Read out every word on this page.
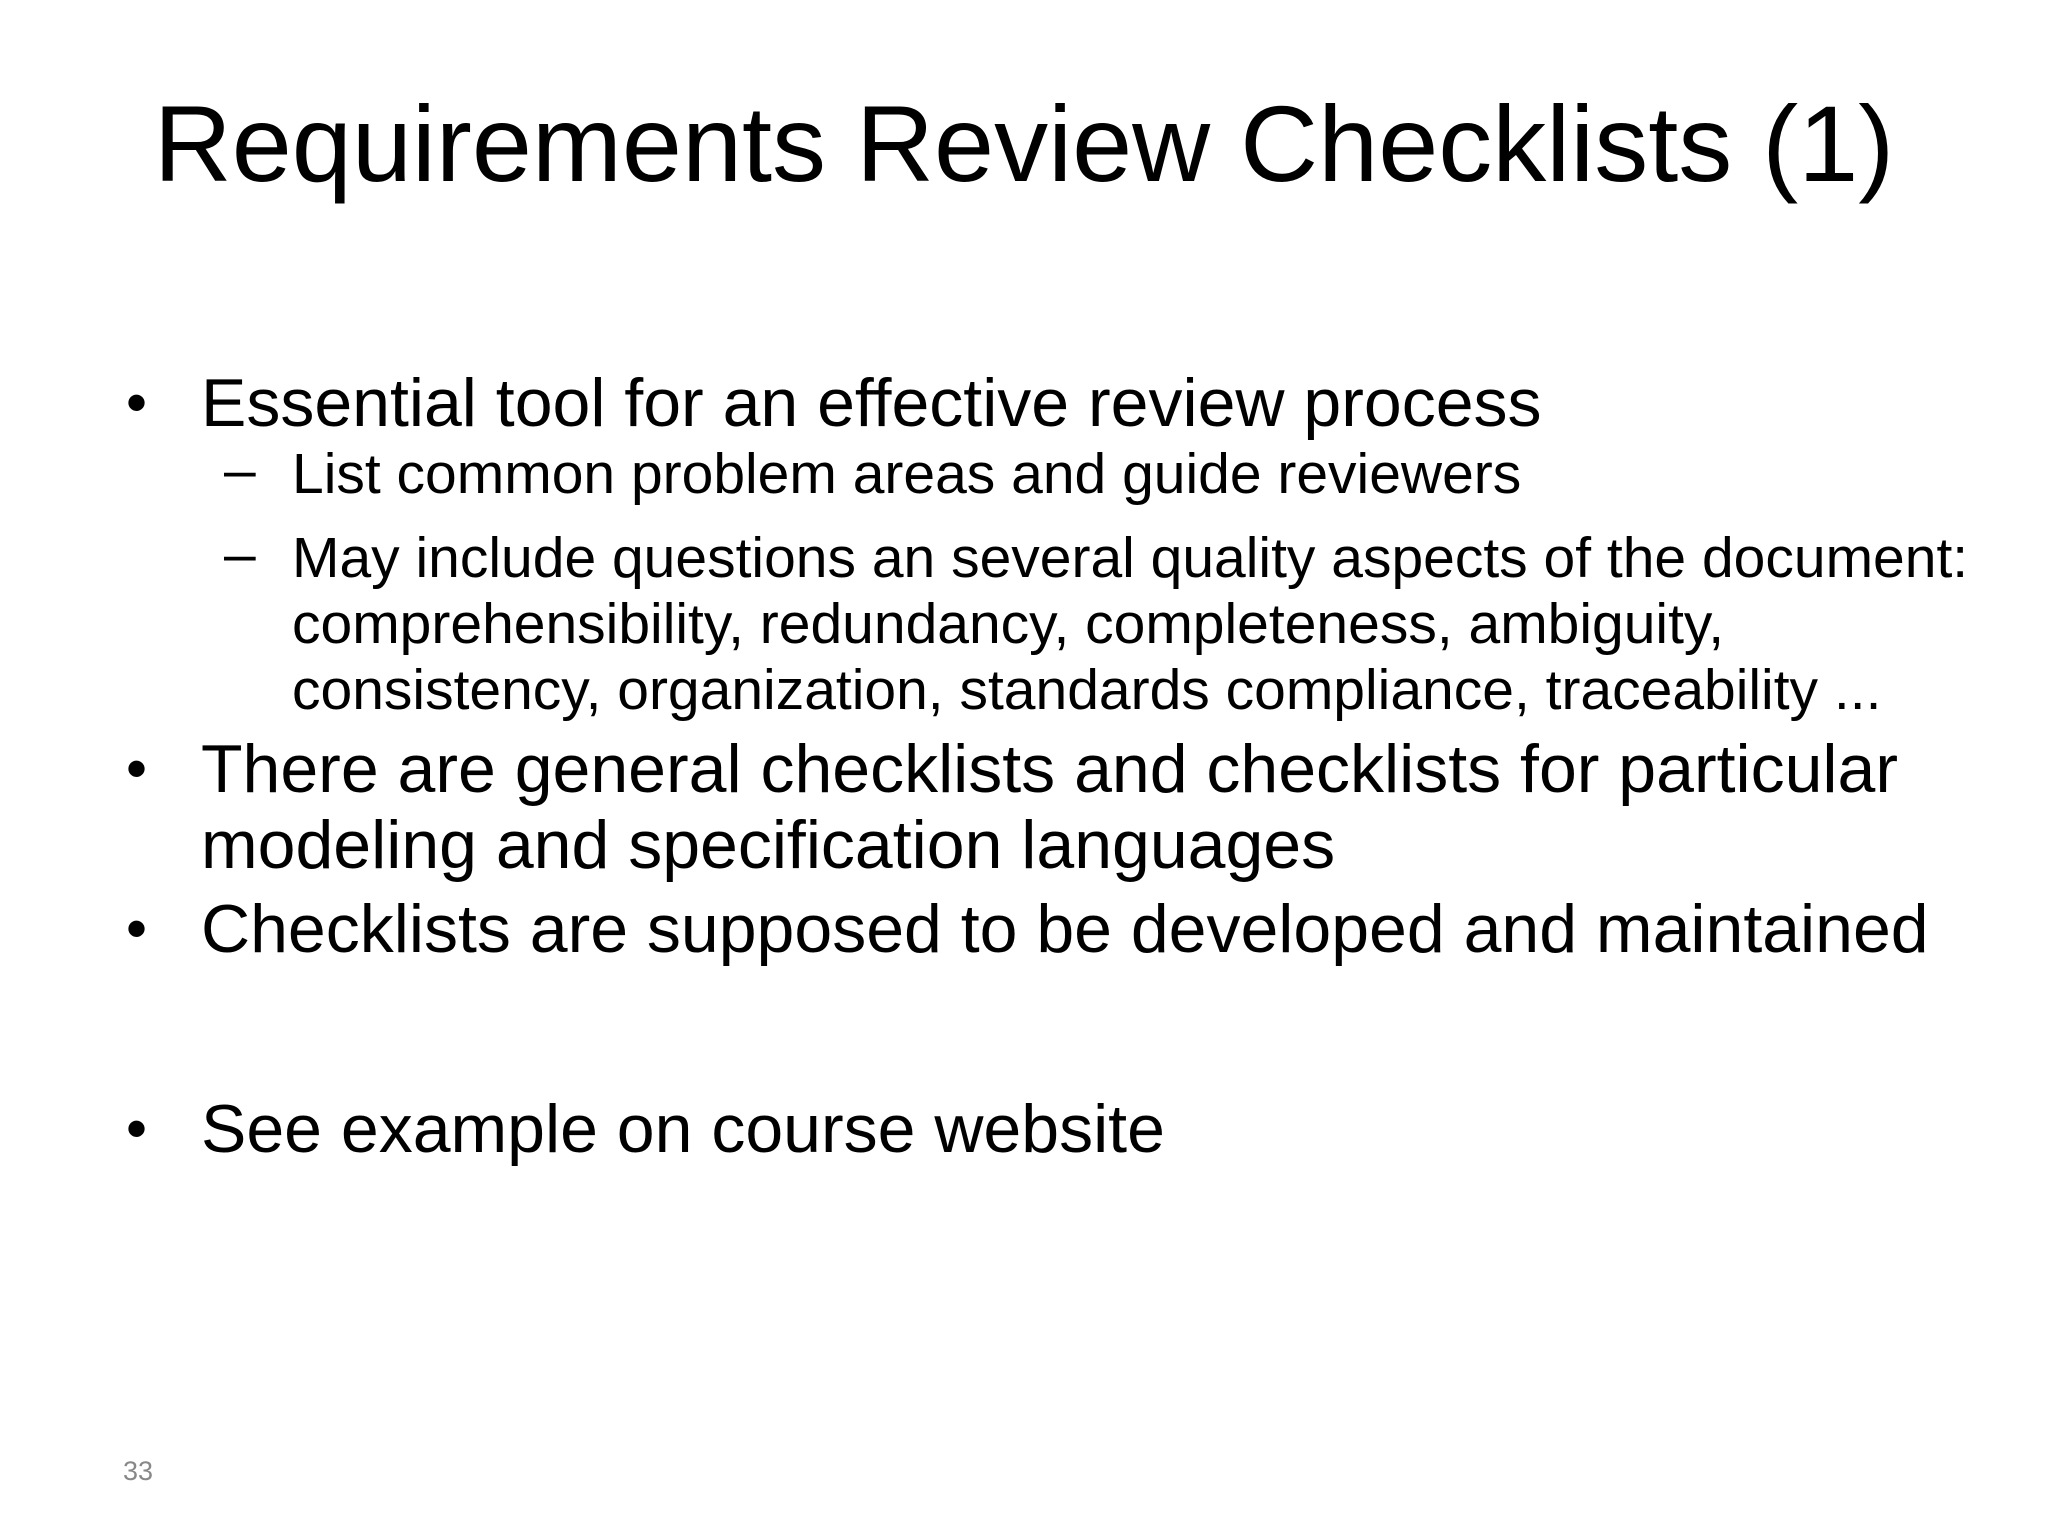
Requirements Review Checklists (1)
• Essential tool for an effective review process
– List common problem areas and guide reviewers
– May include questions an several quality aspects of the document: comprehensibility, redundancy, completeness, ambiguity, consistency, organization, standards compliance, traceability ...
• There are general checklists and checklists for particular modeling and specification languages
• Checklists are supposed to be developed and maintained
• See example on course website
33
